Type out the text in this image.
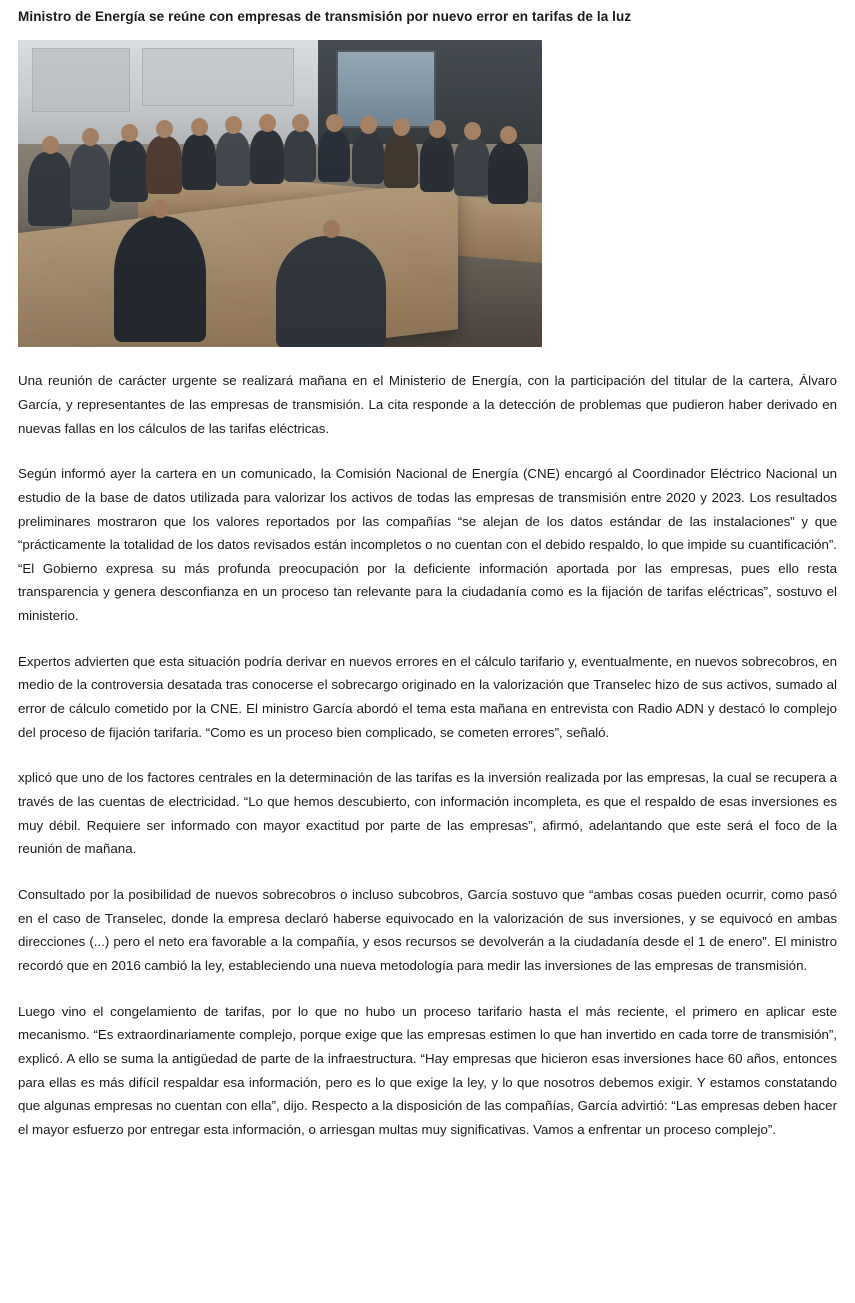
Ministro de Energía se reúne con empresas de transmisión por nuevo error en tarifas de la luz

Una reunión de carácter urgente se realizará mañana en el Ministerio de Energía, con la participación del titular de la cartera, Álvaro García, y representantes de las empresas de transmisión. La cita responde a la detección de problemas que pudieron haber derivado en nuevas fallas en los cálculos de las tarifas eléctricas.

Según informó ayer la cartera en un comunicado, la Comisión Nacional de Energía (CNE) encargó al Coordinador Eléctrico Nacional un estudio de la base de datos utilizada para valorizar los activos de todas las empresas de transmisión entre 2020 y 2023. Los resultados preliminares mostraron que los valores reportados por las compañías “se alejan de los datos estándar de las instalaciones” y que “prácticamente la totalidad de los datos revisados están incompletos o no cuentan con el debido respaldo, lo que impide su cuantificación”. “El Gobierno expresa su más profunda preocupación por la deficiente información aportada por las empresas, pues ello resta transparencia y genera desconfianza en un proceso tan relevante para la ciudadanía como es la fijación de tarifas eléctricas”, sostuvo el ministerio.

Expertos advierten que esta situación podría derivar en nuevos errores en el cálculo tarifario y, eventualmente, en nuevos sobrecobros, en medio de la controversia desatada tras conocerse el sobrecargo originado en la valorización que Transelec hizo de sus activos, sumado al error de cálculo cometido por la CNE. El ministro García abordó el tema esta mañana en entrevista con Radio ADN y destacó lo complejo del proceso de fijación tarifaria. “Como es un proceso bien complicado, se cometen errores”, señaló.

xplicó que uno de los factores centrales en la determinación de las tarifas es la inversión realizada por las empresas, la cual se recupera a través de las cuentas de electricidad. “Lo que hemos descubierto, con información incompleta, es que el respaldo de esas inversiones es muy débil. Requiere ser informado con mayor exactitud por parte de las empresas”, afirmó, adelantando que este será el foco de la reunión de mañana.

Consultado por la posibilidad de nuevos sobrecobros o incluso subcobros, García sostuvo que “ambas cosas pueden ocurrir, como pasó en el caso de Transelec, donde la empresa declaró haberse equivocado en la valorización de sus inversiones, y se equivocó en ambas direcciones (...) pero el neto era favorable a la compañía, y esos recursos se devolverán a la ciudadanía desde el 1 de enero”. El ministro recordó que en 2016 cambió la ley, estableciendo una nueva metodología para medir las inversiones de las empresas de transmisión.

Luego vino el congelamiento de tarifas, por lo que no hubo un proceso tarifario hasta el más reciente, el primero en aplicar este mecanismo. “Es extraordinariamente complejo, porque exige que las empresas estimen lo que han invertido en cada torre de transmisión”, explicó. A ello se suma la antigüedad de parte de la infraestructura. “Hay empresas que hicieron esas inversiones hace 60 años, entonces para ellas es más difícil respaldar esa información, pero es lo que exige la ley, y lo que nosotros debemos exigir. Y estamos constatando que algunas empresas no cuentan con ella”, dijo. Respecto a la disposición de las compañías, García advirtió: “Las empresas deben hacer el mayor esfuerzo por entregar esta información, o arriesgan multas muy significativas. Vamos a enfrentar un proceso complejo”.
